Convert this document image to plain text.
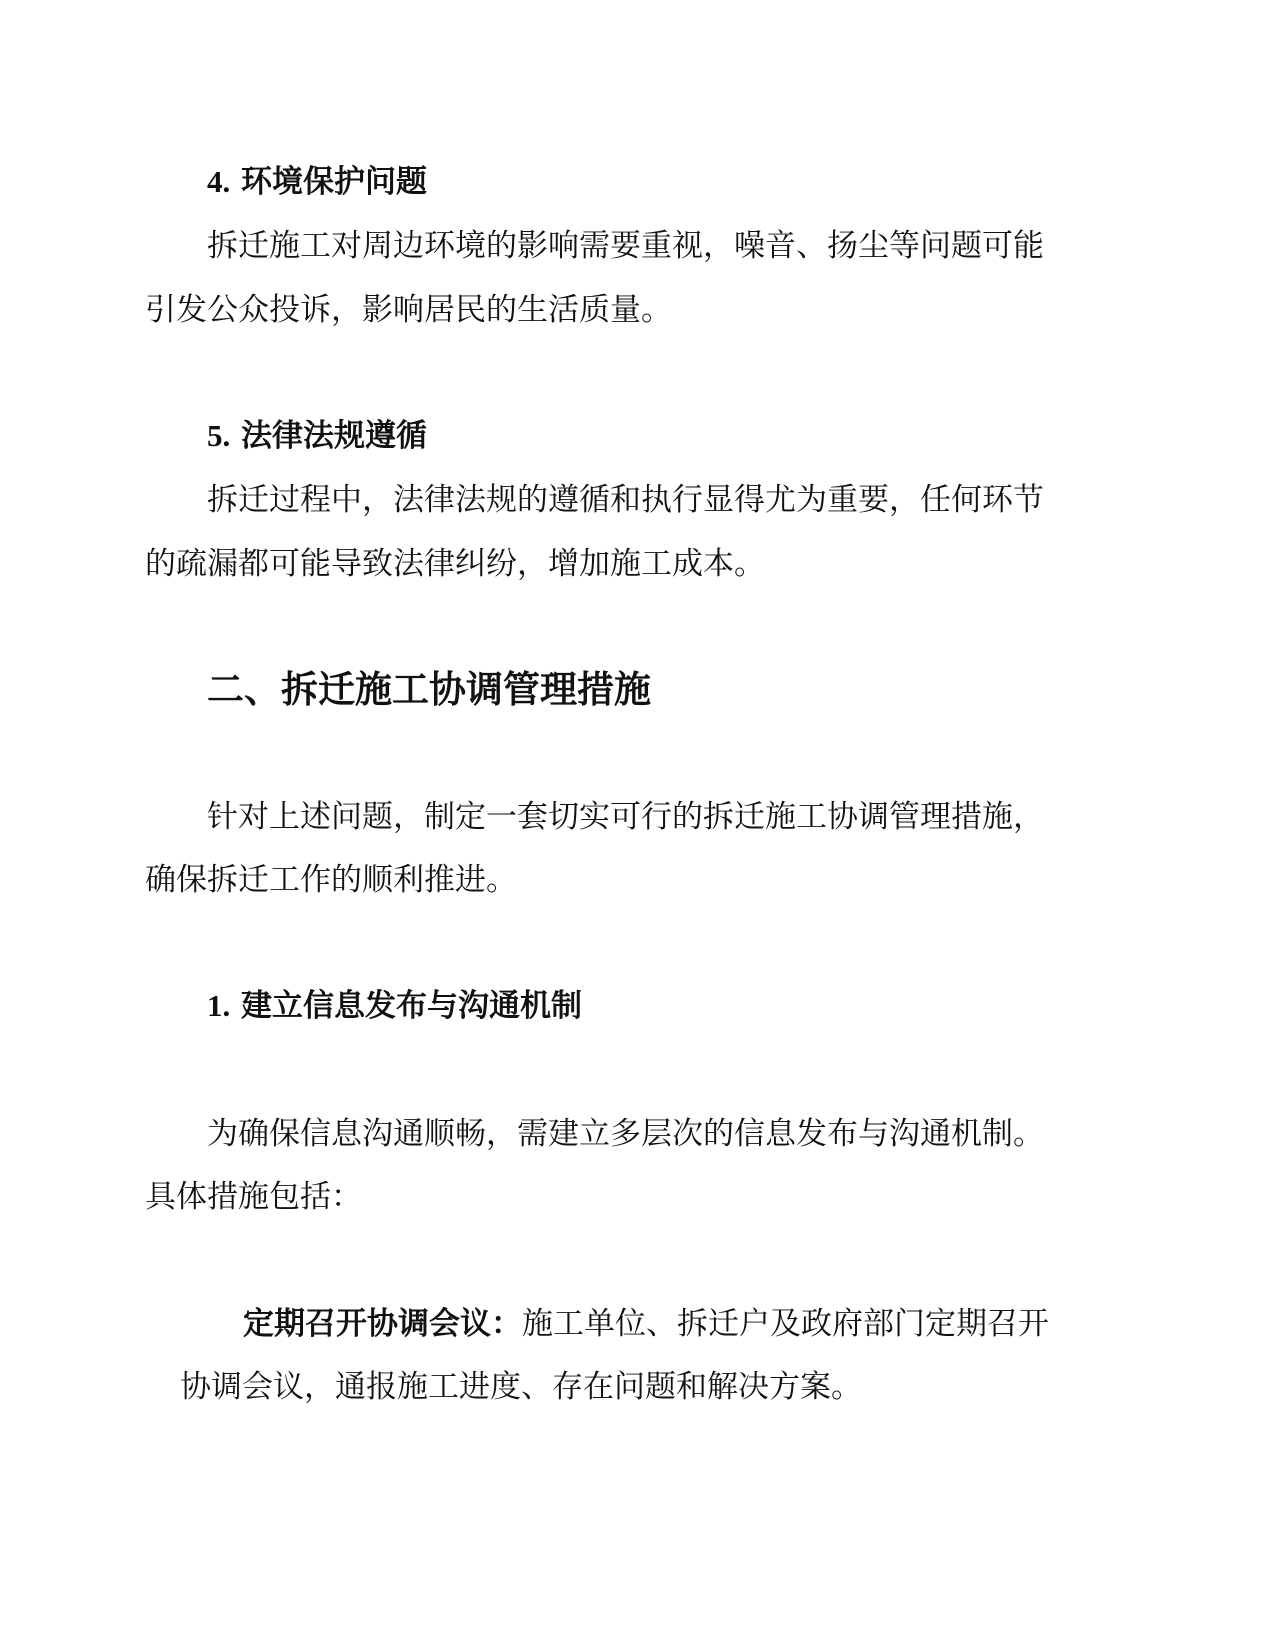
4. 环境保护问题
拆迁施工对周边环境的影响需要重视，噪音、扬尘等问题可能
引发公众投诉，影响居民的生活质量。
5. 法律法规遵循
拆迁过程中，法律法规的遵循和执行显得尤为重要，任何环节
的疏漏都可能导致法律纠纷，增加施工成本。
二、拆迁施工协调管理措施
针对上述问题，制定一套切实可行的拆迁施工协调管理措施，
确保拆迁工作的顺利推进。
1. 建立信息发布与沟通机制
为确保信息沟通顺畅，需建立多层次的信息发布与沟通机制。
具体措施包括：
定期召开协调会议：施工单位、拆迁户及政府部门定期召开
协调会议，通报施工进度、存在问题和解决方案。
